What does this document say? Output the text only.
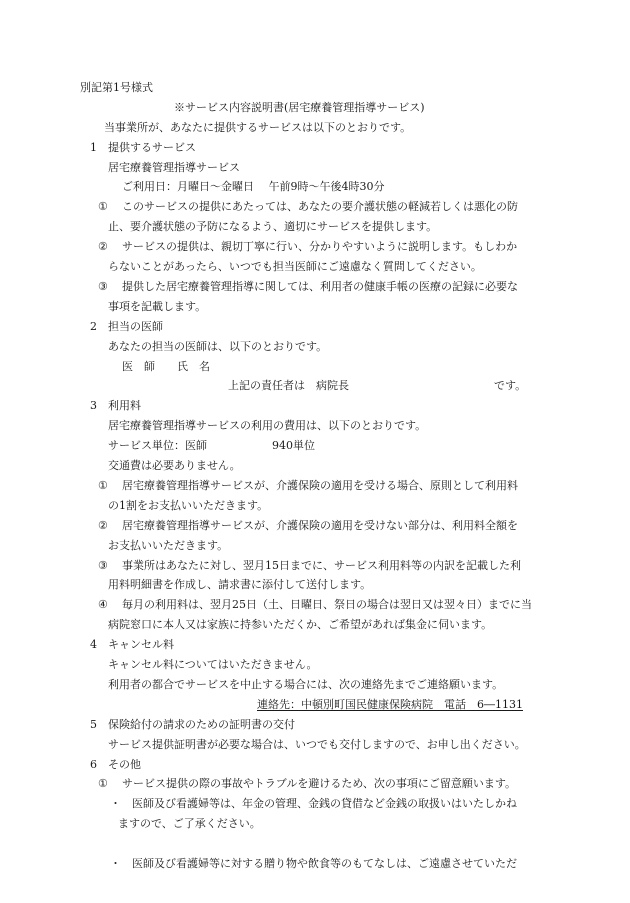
別記第1号様式
※サービス内容説明書(居宅療養管理指導サービス)
当事業所が、あなたに提供するサービスは以下のとおりです。
1　提供するサービス
居宅療養管理指導サービス
ご利用日：月曜日～金曜日　 午前9時～午後4時30分
① このサービスの提供にあたっては、あなたの要介護状態の軽減若しくは悪化の防
止、要介護状態の予防になるよう、適切にサービスを提供します。
② サービスの提供は、親切丁寧に行い、分かりやすいように説明します。もしわか
らないことがあったら、いつでも担当医師にご遠慮なく質問してください。
③ 提供した居宅療養管理指導に関しては、利用者の健康手帳の医療の記録に必要な
事項を記載します。
2　担当の医師
あなたの担当の医師は、以下のとおりです。
医　師　　氏　名
上記の責任者は　病院長	です。
3　利用料
居宅療養管理指導サービスの利用の費用は、以下のとおりです。
サービス単位：医師	940単位
交通費は必要ありません。
① 居宅療養管理指導サービスが、介護保険の適用を受ける場合、原則として利用料
の1割をお支払いいただきます。
② 居宅療養管理指導サービスが、介護保険の適用を受けない部分は、利用料全額を
お支払いいただきます。
③ 事業所はあなたに対し、翌月15日までに、サービス利用料等の内訳を記載した利
用料明細書を作成し、請求書に添付して送付します。
④ 毎月の利用料は、翌月25日（土、日曜日、祭日の場合は翌日又は翌々日）までに当
病院窓口に本人又は家族に持参いただくか、ご希望があれば集金に伺います。
4　キャンセル料
キャンセル料についてはいただきません。
利用者の都合でサービスを中止する場合には、次の連絡先までご連絡願います。
連絡先：中頓別町国民健康保険病院　電話　6―1131
5　保険給付の請求のための証明書の交付
サービス提供証明書が必要な場合は、いつでも交付しますので、お申し出ください。
6　その他
① サービス提供の際の事故やトラブルを避けるため、次の事項にご留意願います。
・ 医師及び看護婦等は、年金の管理、金銭の貸借など金銭の取扱いはいたしかね
ますので、ご了承ください。
・ 医師及び看護婦等に対する贈り物や飲食等のもてなしは、ご遠慮させていただ
